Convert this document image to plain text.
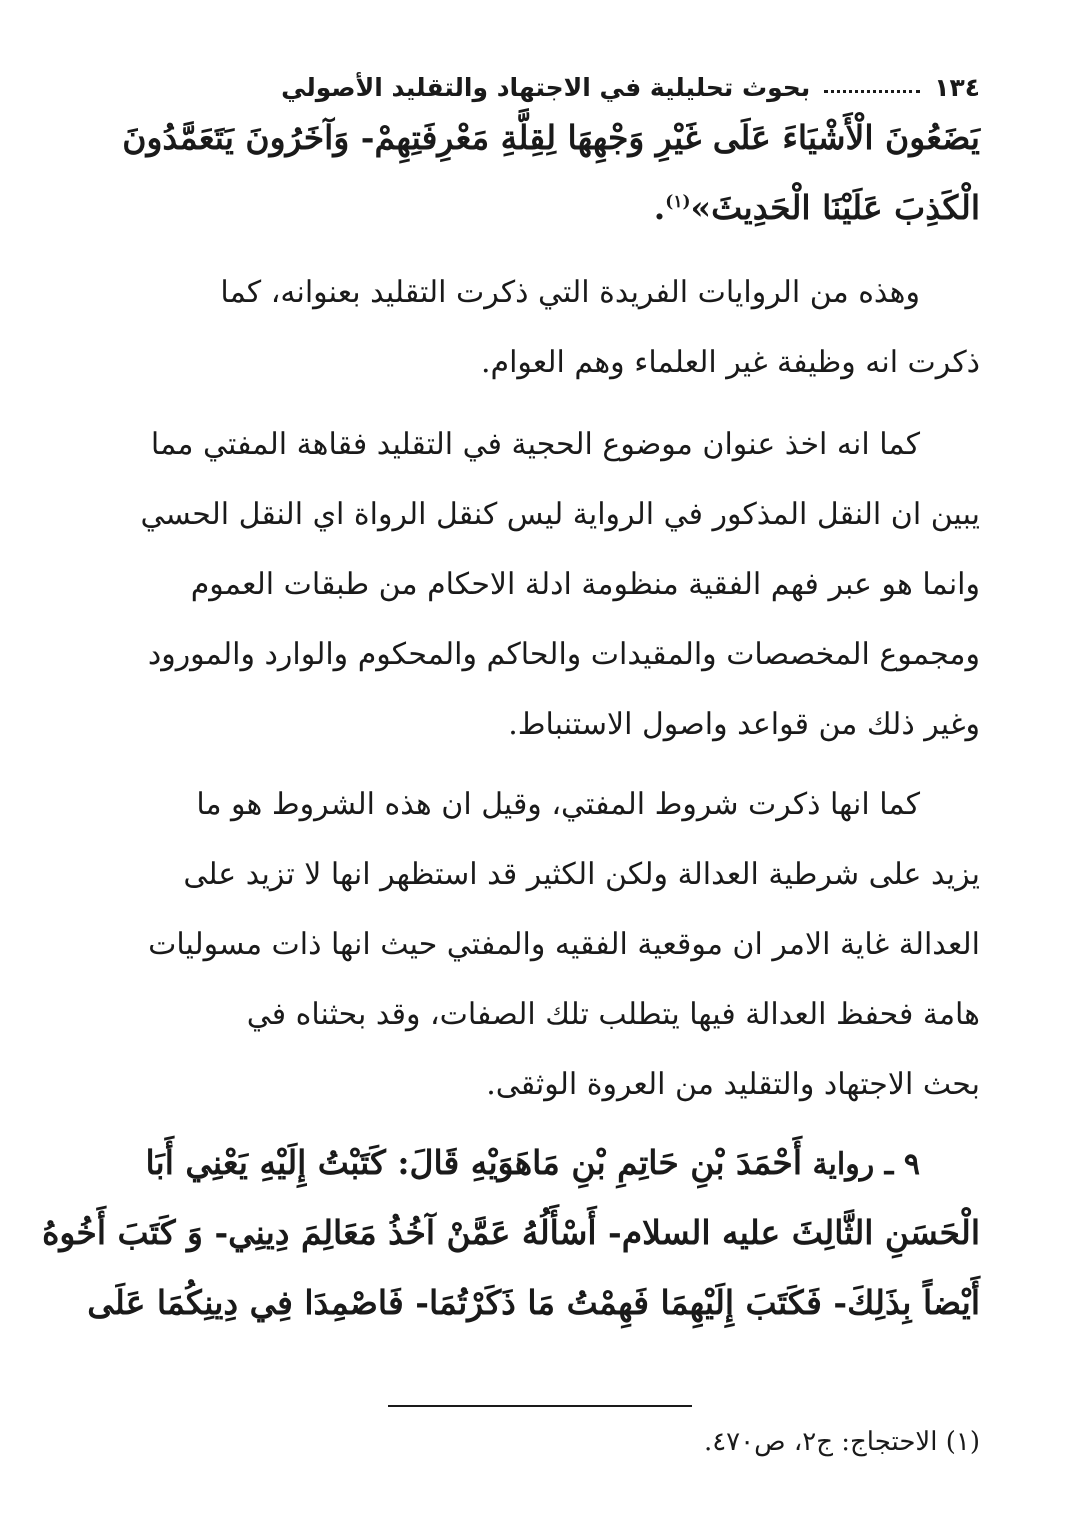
١٣٤
بحوث تحليلية في الاجتهاد والتقليد الأصولي
يَضَعُونَ الْأَشْيَاءَ عَلَى غَيْرِ وَجْهِهَا لِقِلَّةِ مَعْرِفَتِهِمْ- وَآخَرُونَ يَتَعَمَّدُونَ
الْكَذِبَ عَلَيْنَا الْحَدِيثَ»$^{(١)}$.
وهذه من الروايات الفريدة التي ذكرت التقليد بعنوانه، كما
ذكرت انه وظيفة غير العلماء وهم العوام.
كما انه اخذ عنوان موضوع الحجية في التقليد فقاهة المفتي مما
يبين ان النقل المذكور في الرواية ليس كنقل الرواة اي النقل الحسي
وانما هو عبر فهم الفقية منظومة ادلة الاحكام من طبقات العموم
ومجموع المخصصات والمقيدات والحاكم والمحكوم والوارد والمورود
وغير ذلك من قواعد واصول الاستنباط.
كما انها ذكرت شروط المفتي، وقيل ان هذه الشروط هو ما
يزيد على شرطية العدالة ولكن الكثير قد استظهر انها لا تزيد على
العدالة غاية الامر ان موقعية الفقيه والمفتي حيث انها ذات مسوليات
هامة فحفظ العدالة فيها يتطلب تلك الصفات، وقد بحثناه في
بحث الاجتهاد والتقليد من العروة الوثقى.
٩ ـ رواية أَحْمَدَ بْنِ حَاتِمِ بْنِ مَاهَوَيْهِ قَالَ: كَتَبْتُ إِلَيْهِ يَعْنِي أَبَا
الْحَسَنِ الثَّالِثَ عليه السلام- أَسْأَلُهُ عَمَّنْ آخُذُ مَعَالِمَ دِينِي- وَ كَتَبَ أَخُوهُ
أَيْضاً بِذَلِكَ- فَكَتَبَ إِلَيْهِمَا فَهِمْتُ مَا ذَكَرْتُمَا- فَاصْمِدَا فِي دِينِكُمَا عَلَى
(١) الاحتجاج: ج٢، ص٤٧٠.
